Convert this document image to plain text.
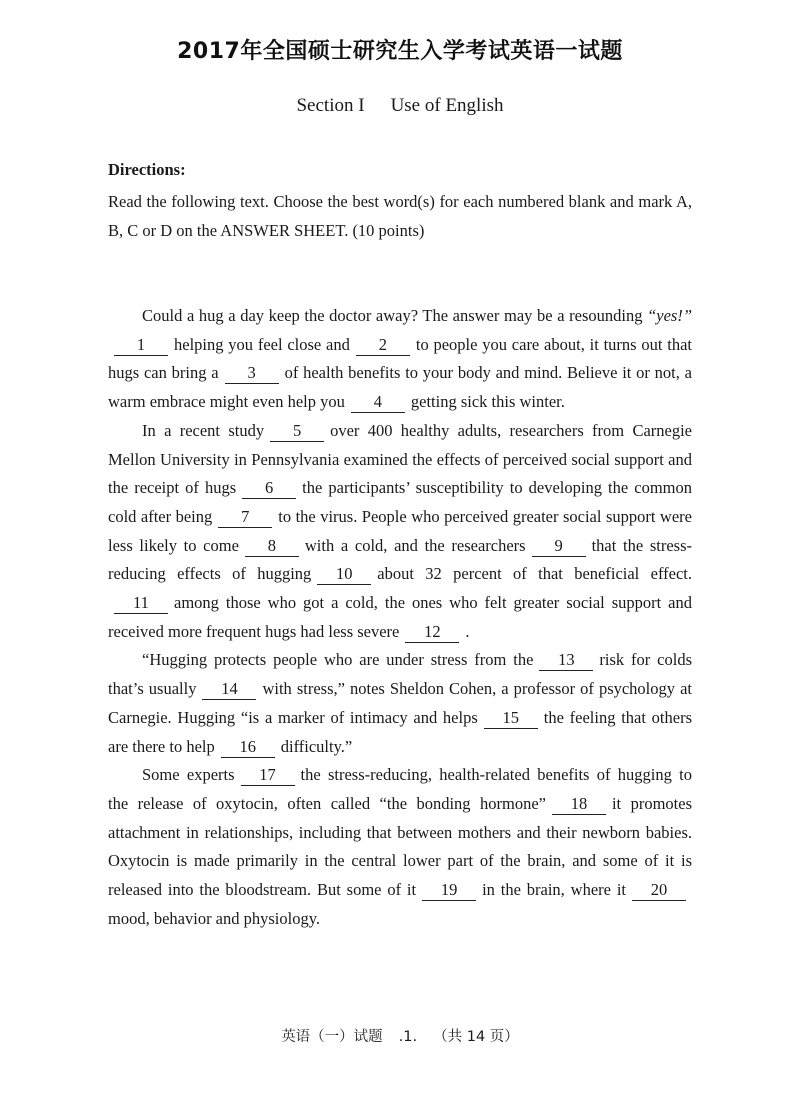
2017年全国硕士研究生入学考试英语一试题
Section I Use of English
Directions:
Read the following text. Choose the best word(s) for each numbered blank and mark A, B, C or D on the ANSWER SHEET. (10 points)

Could a hug a day keep the doctor away? The answer may be a resounding “yes!”1 helping you feel close and 2 to people you care about, it turns out that hugs can bring a 3 of health benefits to your body and mind. Believe it or not, a warm embrace might even help you 4 getting sick this winter.

In a recent study 5 over 400 healthy adults, researchers from Carnegie Mellon University in Pennsylvania examined the effects of perceived social support and the receipt of hugs 6 the participants’ susceptibility to developing the common cold after being 7 to the virus. People who perceived greater social support were less likely to come 8 with a cold, and the researchers 9 that the stress-reducing effects of hugging 10 about 32 percent of that beneficial effect.11 among those who got a cold, the ones who felt greater social support and received more frequent hugs had less severe 12 .

“Hugging protects people who are under stress from the 13 risk for colds that’s usually 14 with stress,” notes Sheldon Cohen, a professor of psychology at Carnegie. Hugging “is a marker of intimacy and helps 15 the feeling that others are there to help 16 difficulty.”

Some experts 17 the stress-reducing, health-related benefits of hugging to the release of oxytocin, often called “the bonding hormone” 18 it promotes attachment in relationships, including that between mothers and their newborn babies. Oxytocin is made primarily in the central lower part of the brain, and some of it is released into the bloodstream. But some of it 19 in the brain, where it 20mood, behavior and physiology.

英语（一）试题 .1. （共 14 页）
